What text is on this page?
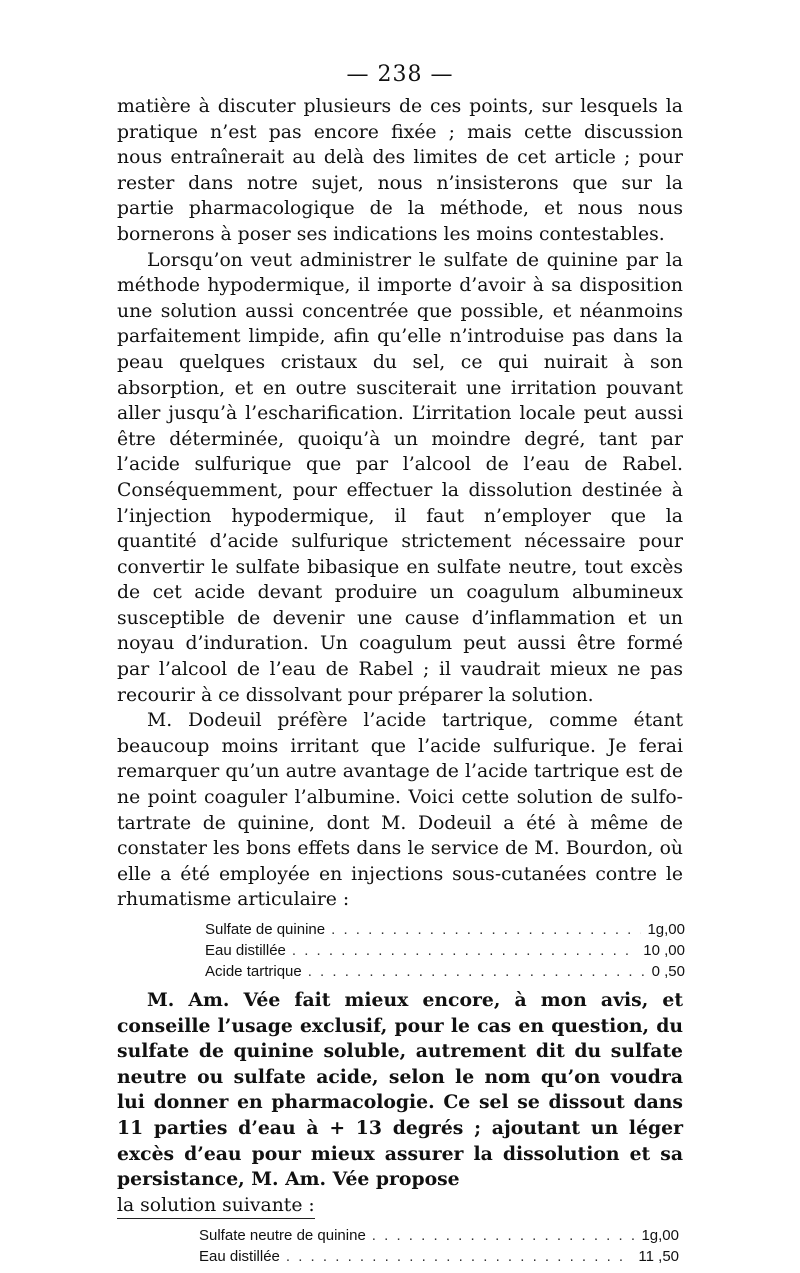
— 238 —

matière à discuter plusieurs de ces points, sur lesquels la pratique n’est pas encore fixée ; mais cette discussion nous entraînerait au delà des limites de cet article ; pour rester dans notre sujet, nous n’insisterons que sur la partie pharmacologique de la méthode, et nous nous bornerons à poser ses indications les moins contestables.

Lorsqu’on veut administrer le sulfate de quinine par la méthode hypodermique, il importe d’avoir à sa disposition une solution aussi concentrée que possible, et néanmoins parfaitement limpide, afin qu’elle n’introduise pas dans la peau quelques cristaux du sel, ce qui nuirait à son absorption, et en outre susciterait une irritation pouvant aller jusqu’à l’escharification. L’irritation locale peut aussi être déterminée, quoiqu’à un moindre degré, tant par l’acide sulfurique que par l’alcool de l’eau de Rabel. Conséquemment, pour effectuer la dissolution destinée à l’injection hypodermique, il faut n’employer que la quantité d’acide sulfurique strictement nécessaire pour convertir le sulfate bibasique en sulfate neutre, tout excès de cet acide devant produire un coagulum albumineux susceptible de devenir une cause d’inflammation et un noyau d’induration. Un coagulum peut aussi être formé par l’alcool de l’eau de Rabel ; il vaudrait mieux ne pas recourir à ce dissolvant pour préparer la solution.

M. Dodeuil préfère l’acide tartrique, comme étant beaucoup moins irritant que l’acide sulfurique. Je ferai remarquer qu’un autre avantage de l’acide tartrique est de ne point coaguler l’albumine. Voici cette solution de sulfo-tartrate de quinine, dont M. Dodeuil a été à même de constater les bons effets dans le service de M. Bourdon, où elle a été employée en injections sous-cutanées contre le rhumatisme articulaire :

Sulfate de quinine . . .	1g,00
Eau distillée . . .	10 ,00
Acide tartrique . . .	0 ,50

M. Am. Vée fait mieux encore, à mon avis, et conseille l’usage exclusif, pour le cas en question, du sulfate de quinine soluble, autrement dit du sulfate neutre ou sulfate acide, selon le nom qu’on voudra lui donner en pharmacologie. Ce sel se dissout dans 11 parties d’eau à + 13 degrés ; ajoutant un léger excès d’eau pour mieux assurer la dissolution et sa persistance, M. Am. Vée propose

la solution suivante :

Sulfate neutre de quinine . . .	1g,00
Eau distillée . . .	11 ,50
